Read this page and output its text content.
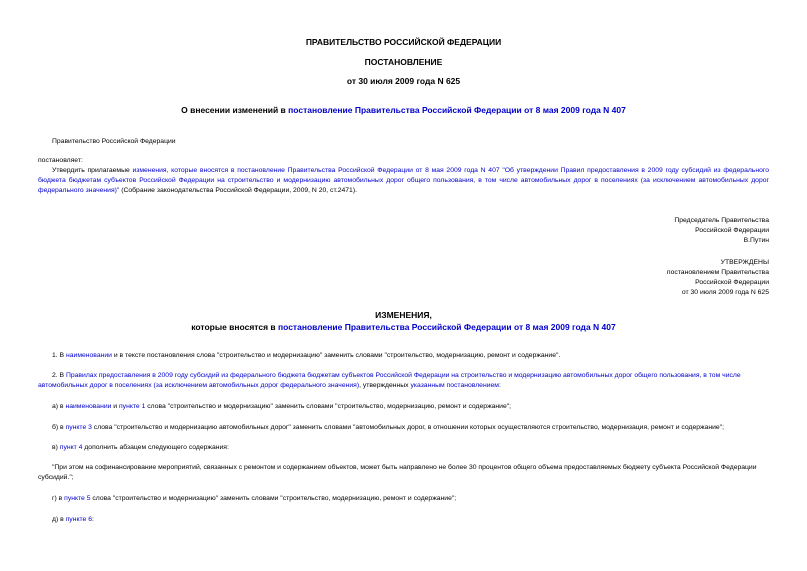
ПРАВИТЕЛЬСТВО РОССИЙСКОЙ ФЕДЕРАЦИИ
ПОСТАНОВЛЕНИЕ
от 30 июля 2009 года N 625
О внесении изменений в постановление Правительства Российской Федерации от 8 мая 2009 года N 407
Правительство Российской Федерации
постановляет:
Утвердить прилагаемые изменения, которые вносятся в постановление Правительства Российской Федерации от 8 мая 2009 года N 407 "Об утверждении Правил предоставления в 2009 году субсидий из федерального бюджета бюджетам субъектов Российской Федерации на строительство и модернизацию автомобильных дорог общего пользования, в том числе автомобильных дорог в поселениях (за исключением автомобильных дорог федерального значения)" (Собрание законодательства Российской Федерации, 2009, N 20, ст.2471).
Председатель Правительства
Российской Федерации
В.Путин
УТВЕРЖДЕНЫ
постановлением Правительства
Российской Федерации
от 30 июля 2009 года N 625
ИЗМЕНЕНИЯ,
которые вносятся в постановление Правительства Российской Федерации от 8 мая 2009 года N 407
1. В наименовании и в тексте постановления слова "строительство и модернизацию" заменить словами "строительство, модернизацию, ремонт и содержание".
2. В Правилах предоставления в 2009 году субсидий из федерального бюджета бюджетам субъектов Российской Федерации на строительство и модернизацию автомобильных дорог общего пользования, в том числе автомобильных дорог в поселениях (за исключением автомобильных дорог федерального значения), утвержденных указанным постановлением:
а) в наименовании и пункте 1 слова "строительство и модернизацию" заменить словами "строительство, модернизацию, ремонт и содержание";
б) в пункте 3 слова "строительство и модернизацию автомобильных дорог" заменить словами "автомобильных дорог, в отношении которых осуществляются строительство, модернизация, ремонт и содержание";
в) пункт 4 дополнить абзацем следующего содержания:
"При этом на софинансирование мероприятий, связанных с ремонтом и содержанием объектов, может быть направлено не более 30 процентов общего объема предоставляемых бюджету субъекта Российской Федерации субсидий.";
г) в пункте 5 слова "строительство и модернизацию" заменить словами "строительство, модернизацию, ремонт и содержание";
д) в пункте 6:
